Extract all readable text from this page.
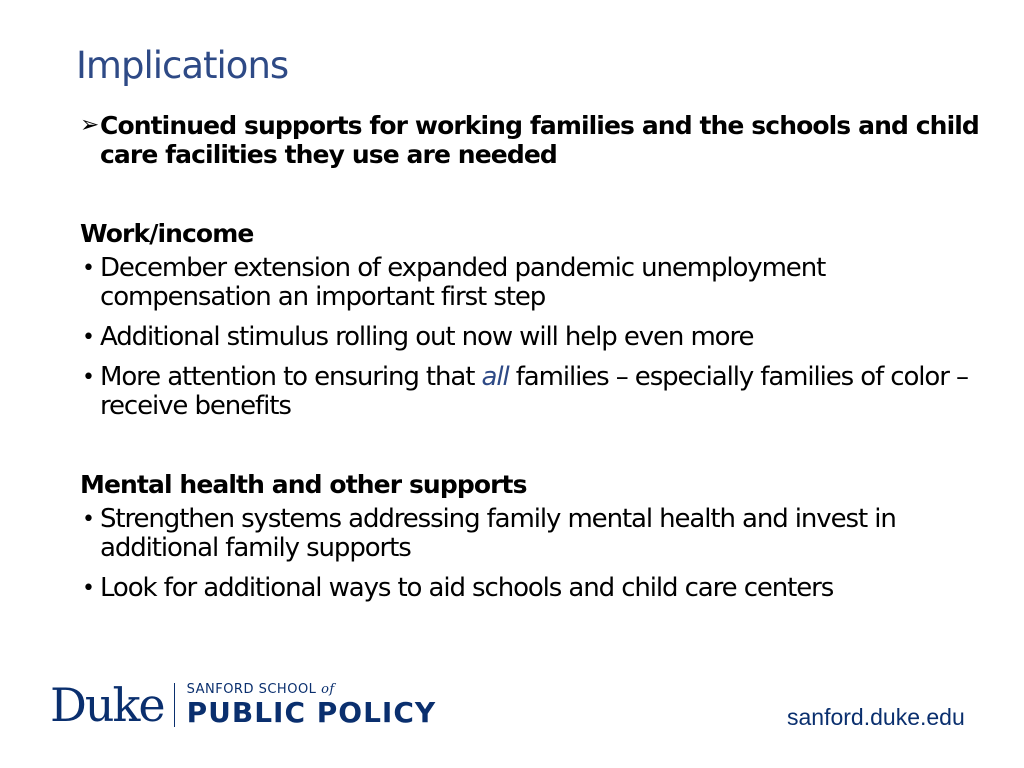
Implications

➢ Continued supports for working families and the schools and child care facilities they use are needed

Work/income

• December extension of expanded pandemic unemployment compensation an important first step
• Additional stimulus rolling out now will help even more
• More attention to ensuring that all families – especially families of color – receive benefits

Mental health and other supports

• Strengthen systems addressing family mental health and invest in additional family supports
• Look for additional ways to aid schools and child care centers
Duke SANFORD SCHOOL of
PUBLIC POLICY	sanford.duke.edu
